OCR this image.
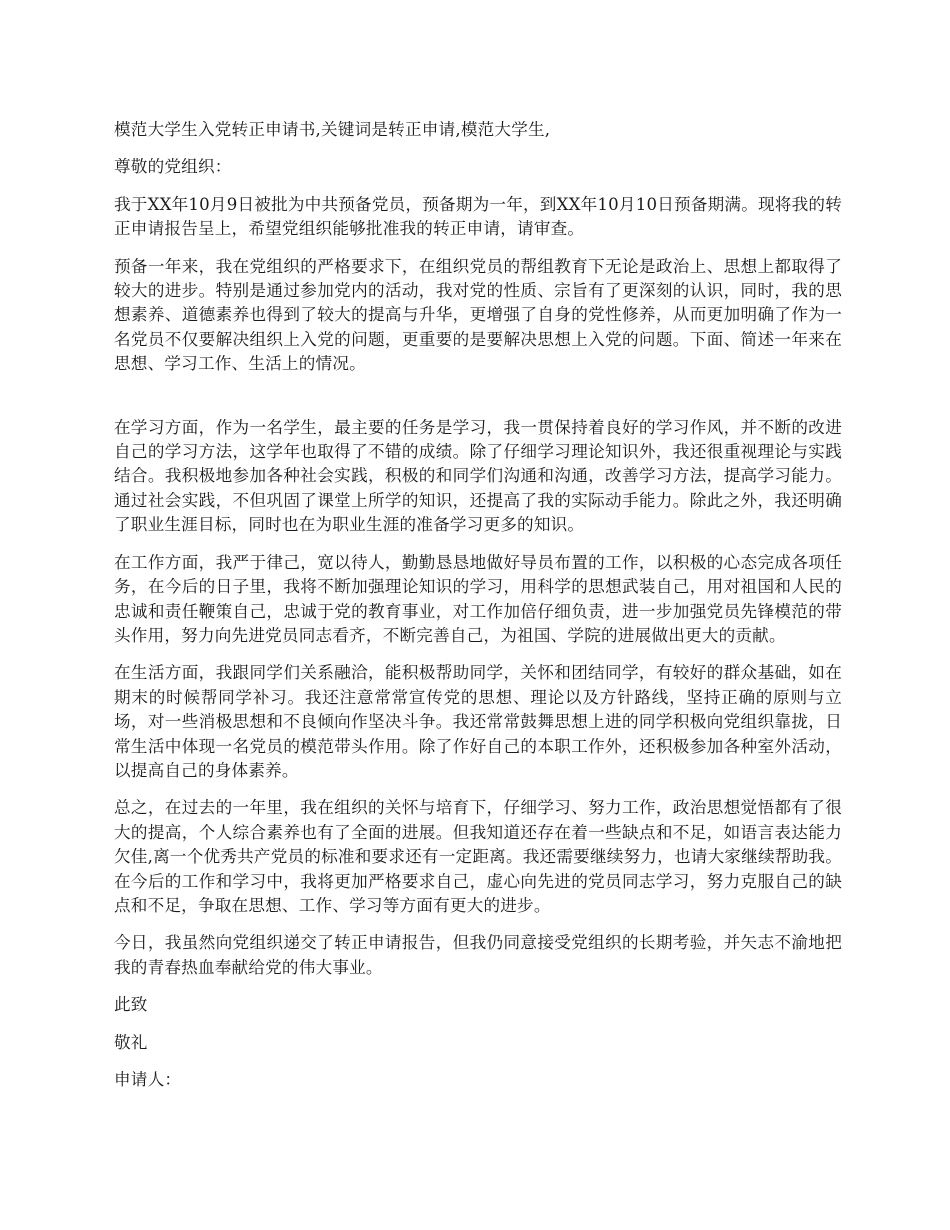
模范大学生入党转正申请书,关键词是转正申请,模范大学生,

尊敬的党组织：

我于XX年10月9日被批为中共预备党员，预备期为一年，到XX年10月10日预备期满。现将我的转正申请报告呈上，希望党组织能够批准我的转正申请，请审查。

预备一年来，我在党组织的严格要求下，在组织党员的帮组教育下无论是政治上、思想上都取得了较大的进步。特别是通过参加党内的活动，我对党的性质、宗旨有了更深刻的认识，同时，我的思想素养、道德素养也得到了较大的提高与升华，更增强了自身的党性修养，从而更加明确了作为一名党员不仅要解决组织上入党的问题，更重要的是要解决思想上入党的问题。下面、简述一年来在思想、学习工作、生活上的情况。

在学习方面，作为一名学生，最主要的任务是学习，我一贯保持着良好的学习作风，并不断的改进自己的学习方法，这学年也取得了不错的成绩。除了仔细学习理论知识外，我还很重视理论与实践结合。我积极地参加各种社会实践，积极的和同学们沟通和沟通，改善学习方法，提高学习能力。通过社会实践，不但巩固了课堂上所学的知识，还提高了我的实际动手能力。除此之外，我还明确了职业生涯目标，同时也在为职业生涯的准备学习更多的知识。

在工作方面，我严于律己，宽以待人，勤勤恳恳地做好导员布置的工作，以积极的心态完成各项任务，在今后的日子里，我将不断加强理论知识的学习，用科学的思想武装自己，用对祖国和人民的忠诚和责任鞭策自己，忠诚于党的教育事业，对工作加倍仔细负责，进一步加强党员先锋模范的带头作用，努力向先进党员同志看齐，不断完善自己，为祖国、学院的进展做出更大的贡献。

在生活方面，我跟同学们关系融洽，能积极帮助同学，关怀和团结同学，有较好的群众基础，如在期末的时候帮同学补习。我还注意常常宣传党的思想、理论以及方针路线，坚持正确的原则与立场，对一些消极思想和不良倾向作坚决斗争。我还常常鼓舞思想上进的同学积极向党组织靠拢，日常生活中体现一名党员的模范带头作用。除了作好自己的本职工作外，还积极参加各种室外活动，以提高自己的身体素养。

总之，在过去的一年里，我在组织的关怀与培育下，仔细学习、努力工作，政治思想觉悟都有了很大的提高，个人综合素养也有了全面的进展。但我知道还存在着一些缺点和不足，如语言表达能力欠佳,离一个优秀共产党员的标准和要求还有一定距离。我还需要继续努力，也请大家继续帮助我。在今后的工作和学习中，我将更加严格要求自己，虚心向先进的党员同志学习，努力克服自己的缺点和不足，争取在思想、工作、学习等方面有更大的进步。

今日，我虽然向党组织递交了转正申请报告，但我仍同意接受党组织的长期考验，并矢志不渝地把我的青春热血奉献给党的伟大事业。

此致

敬礼

申请人：
